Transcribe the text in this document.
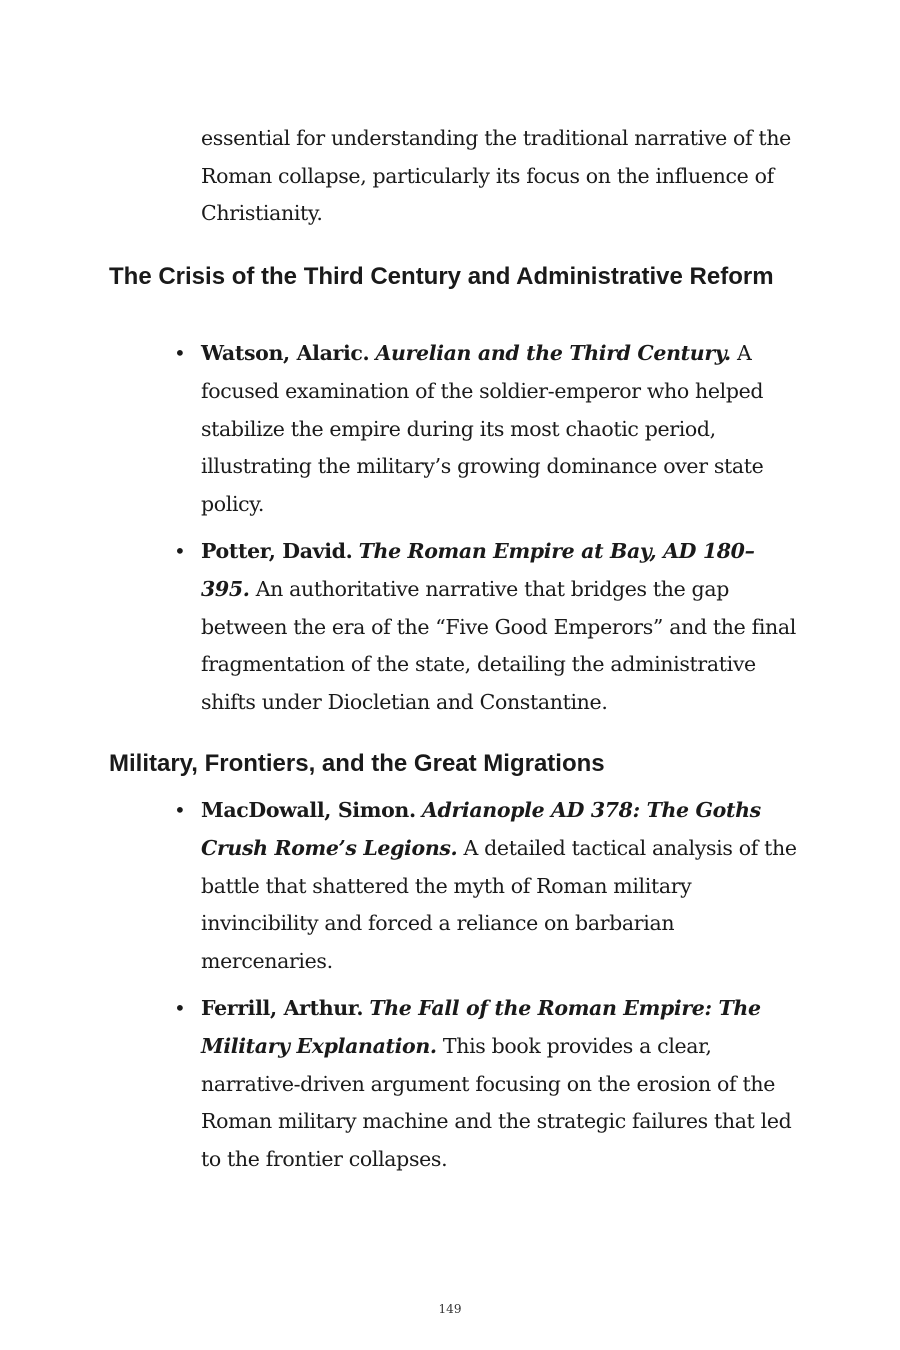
essential for understanding the traditional narrative of the Roman collapse, particularly its focus on the influence of Christianity.

The Crisis of the Third Century and Administrative Reform
• Watson, Alaric. Aurelian and the Third Century. A focused examination of the soldier-emperor who helped stabilize the empire during its most chaotic period, illustrating the military’s growing dominance over state policy.
• Potter, David. The Roman Empire at Bay, AD 180–395. An authoritative narrative that bridges the gap between the era of the “Five Good Emperors” and the final fragmentation of the state, detailing the administrative shifts under Diocletian and Constantine.
Military, Frontiers, and the Great Migrations
• MacDowall, Simon. Adrianople AD 378: The Goths Crush Rome’s Legions. A detailed tactical analysis of the battle that shattered the myth of Roman military invincibility and forced a reliance on barbarian mercenaries.
• Ferrill, Arthur. The Fall of the Roman Empire: The Military Explanation. This book provides a clear, narrative-driven argument focusing on the erosion of the Roman military machine and the strategic failures that led to the frontier collapses.
149
